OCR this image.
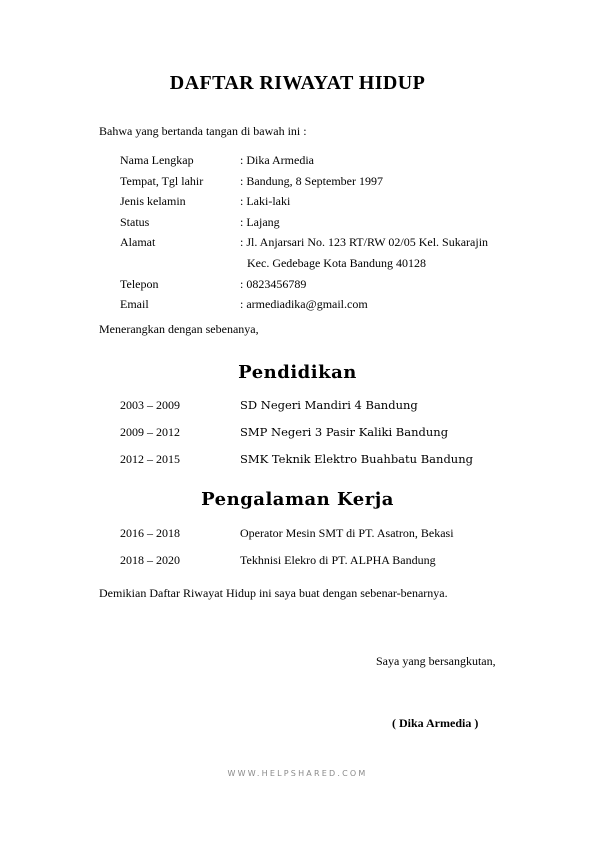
DAFTAR RIWAYAT HIDUP
Bahwa yang bertanda tangan di bawah ini :
Nama Lengkap	: Dika Armedia
Tempat, Tgl lahir	: Bandung, 8 September 1997
Jenis kelamin	: Laki-laki
Status	: Lajang
Alamat	: Jl. Anjarsari No. 123 RT/RW 02/05 Kel. Sukarajin
Kec. Gedebage Kota Bandung 40128
Telepon	: 0823456789
Email	: armediadika@gmail.com
Menerangkan dengan sebenanya,
Pendidikan
2003 – 2009	SD Negeri Mandiri 4 Bandung
2009 – 2012	SMP Negeri 3 Pasir Kaliki Bandung
2012 – 2015	SMK Teknik Elektro Buahbatu Bandung
Pengalaman Kerja
2016 – 2018	Operator Mesin SMT di PT. Asatron, Bekasi
2018 – 2020	Tekhnisi Elekro di PT. ALPHA Bandung
Demikian Daftar Riwayat Hidup ini saya buat dengan sebenar-benarnya.
Saya yang bersangkutan,
( Dika Armedia )
WWW.HELPSHARED.COM
